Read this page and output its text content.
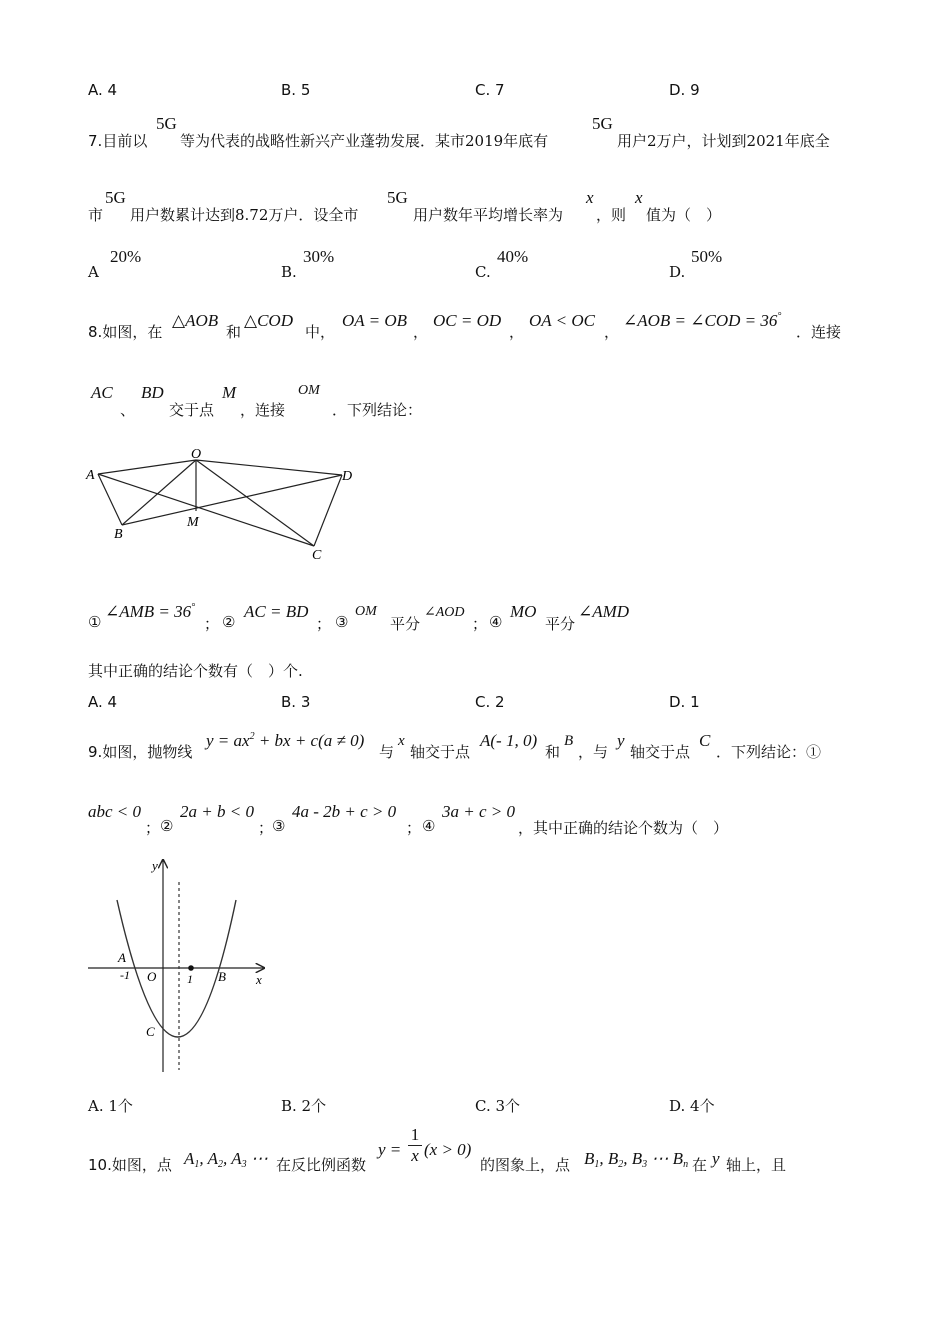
A. 4	B. 5	C. 7	D. 9
7.目前以
5G
等为代表的战略性新兴产业蓬勃发展．某市2019年底有
5G
用户2万户，计划到2021年底全
市
5G
用户数累计达到8.72万户．设全市
5G
用户数年平均增长率为
x
，则
x
值为（　）
A
20%
B.
30%
C.
40%
D.
50%
8.如图，在
△AOB
和
△COD
中，
OA = OB
，
OC = OD
，
OA < OC
，
∠AOB = ∠COD = 36°
．连接
AC
、
BD
交于点
M
，连接
OM
．下列结论：
A
O
D
B
M
C
①
∠AMB = 36°
； ②
AC = BD
； ③
OM
平分
∠AOD
； ④
MO
平分
∠AMD
其中正确的结论个数有（　）个.
A. 4	B. 3	C. 2	D. 1
9.如图，抛物线
$y = ax^2$ + bx + c(a ≠ 0)
与
x
轴交于点
A(- 1, 0)
和
B
，与
y
轴交于点
C
．下列结论：①
abc < 0
； ②
2a + b < 0
；
③
4a - 2b + c > 0
； ④
3a + c > 0
，其中正确的结论个数为（　）
y
x
A
-1 O	1 B
C
A. 1个	B. 2个	C. 3个	D. 4个
10.如图，点 $A_1$, $A_2$, $A_3$ ⋯ 在反比例函数
y =
1
x (x > 0)
的图象上，点 $B_1$, $B_2$, $B_3$ ⋯ $B_n$ 在 y 轴上，且
